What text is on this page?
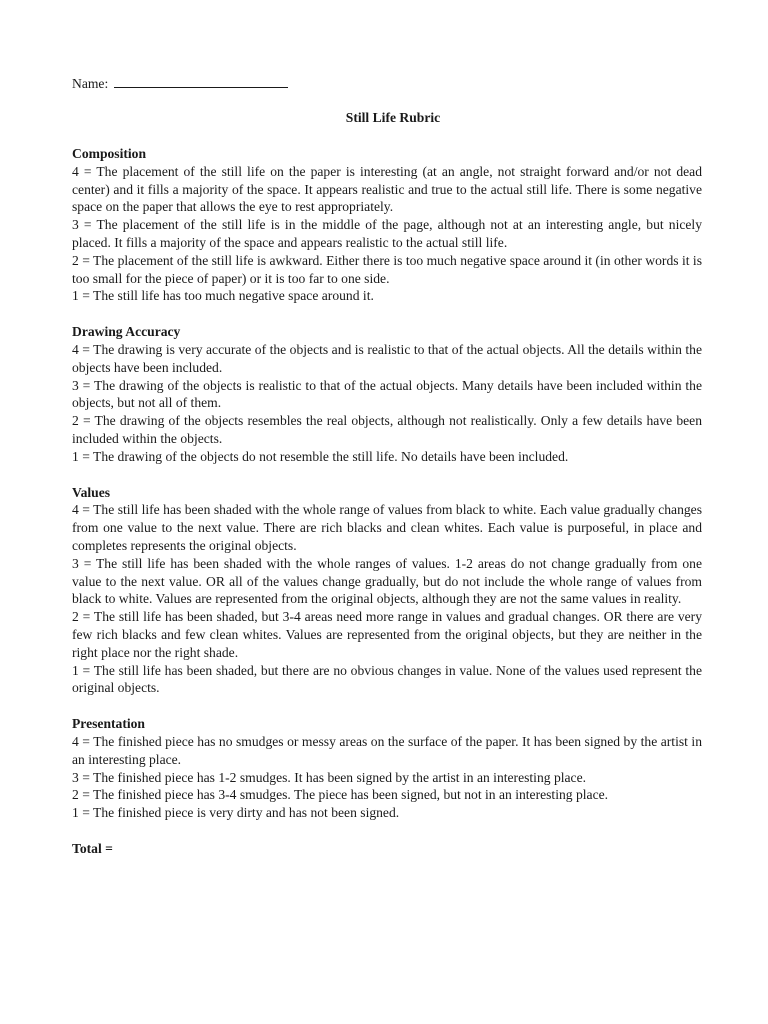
Name:
Still Life Rubric
Composition
4 = The placement of the still life on the paper is interesting (at an angle, not straight forward and/or not dead center) and it fills a majority of the space. It appears realistic and true to the actual still life. There is some negative space on the paper that allows the eye to rest appropriately.
3 = The placement of the still life is in the middle of the page, although not at an interesting angle, but nicely placed. It fills a majority of the space and appears realistic to the actual still life.
2 = The placement of the still life is awkward. Either there is too much negative space around it (in other words it is too small for the piece of paper) or it is too far to one side.
1 = The still life has too much negative space around it.
Drawing Accuracy
4 = The drawing is very accurate of the objects and is realistic to that of the actual objects. All the details within the objects have been included.
3 = The drawing of the objects is realistic to that of the actual objects. Many details have been included within the objects, but not all of them.
2 = The drawing of the objects resembles the real objects, although not realistically. Only a few details have been included within the objects.
1 = The drawing of the objects do not resemble the still life. No details have been included.
Values
4 = The still life has been shaded with the whole range of values from black to white. Each value gradually changes from one value to the next value. There are rich blacks and clean whites. Each value is purposeful, in place and completes represents the original objects.
3 = The still life has been shaded with the whole ranges of values. 1-2 areas do not change gradually from one value to the next value. OR all of the values change gradually, but do not include the whole range of values from black to white. Values are represented from the original objects, although they are not the same values in reality.
2 = The still life has been shaded, but 3-4 areas need more range in values and gradual changes. OR there are very few rich blacks and few clean whites. Values are represented from the original objects, but they are neither in the right place nor the right shade.
1 = The still life has been shaded, but there are no obvious changes in value. None of the values used represent the original objects.
Presentation
4 = The finished piece has no smudges or messy areas on the surface of the paper. It has been signed by the artist in an interesting place.
3 = The finished piece has 1-2 smudges. It has been signed by the artist in an interesting place.
2 = The finished piece has 3-4 smudges. The piece has been signed, but not in an interesting place.
1 = The finished piece is very dirty and has not been signed.
Total =
